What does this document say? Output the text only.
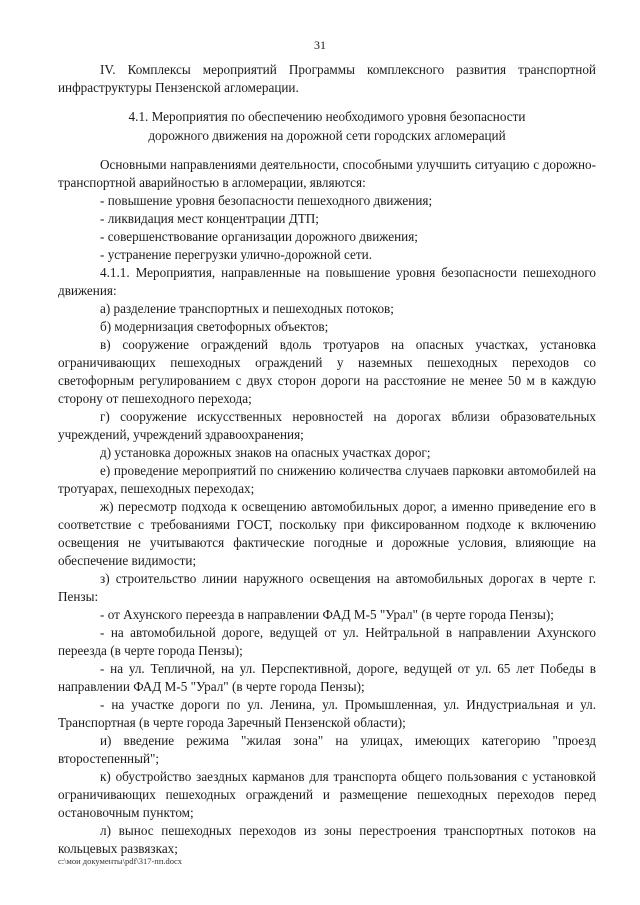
31

IV. Комплексы мероприятий Программы комплексного развития транспортной инфраструктуры Пензенской агломерации.

4.1. Мероприятия по обеспечению необходимого уровня безопасности

дорожного движения на дорожной сети городских агломераций

Основными направлениями деятельности, способными улучшить ситуацию с дорожно-транспортной аварийностью в агломерации, являются:

- повышение уровня безопасности пешеходного движения;

- ликвидация мест концентрации ДТП;

- совершенствование организации дорожного движения;

- устранение перегрузки улично-дорожной сети.

4.1.1. Мероприятия, направленные на повышение уровня безопасности пешеходного движения:

а) разделение транспортных и пешеходных потоков;

б) модернизация светофорных объектов;

в) сооружение ограждений вдоль тротуаров на опасных участках, установка ограничивающих пешеходных ограждений у наземных пешеходных переходов со светофорным регулированием с двух сторон дороги на расстояние не менее 50 м в каждую сторону от пешеходного перехода;

г) сооружение искусственных неровностей на дорогах вблизи образовательных учреждений, учреждений здравоохранения;

д) установка дорожных знаков на опасных участках дорог;

е) проведение мероприятий по снижению количества случаев парковки автомобилей на тротуарах, пешеходных переходах;

ж) пересмотр подхода к освещению автомобильных дорог, а именно приведение его в соответствие с требованиями ГОСТ, поскольку при фиксированном подходе к включению освещения не учитываются фактические погодные и дорожные условия, влияющие на обеспечение видимости;

з) строительство линии наружного освещения на автомобильных дорогах в черте г. Пензы:

- от Ахунского переезда в направлении ФАД М-5 "Урал" (в черте города Пензы);

- на автомобильной дороге, ведущей от ул. Нейтральной в направлении Ахунского переезда (в черте города Пензы);

- на ул. Тепличной, на ул. Перспективной, дороге, ведущей от ул. 65 лет Победы в направлении ФАД М-5 "Урал" (в черте города Пензы);

- на участке дороги по ул. Ленина, ул. Промышленная, ул. Индустриальная и ул. Транспортная (в черте города Заречный Пензенской области);

и) введение режима "жилая зона" на улицах, имеющих категорию "проезд второстепенный";

к) обустройство заездных карманов для транспорта общего пользования с установкой ограничивающих пешеходных ограждений и размещение пешеходных переходов перед остановочным пунктом;

л) вынос пешеходных переходов из зоны перестроения транспортных потоков на кольцевых развязках;

c:\мои документы\pdf\317-пп.docx
